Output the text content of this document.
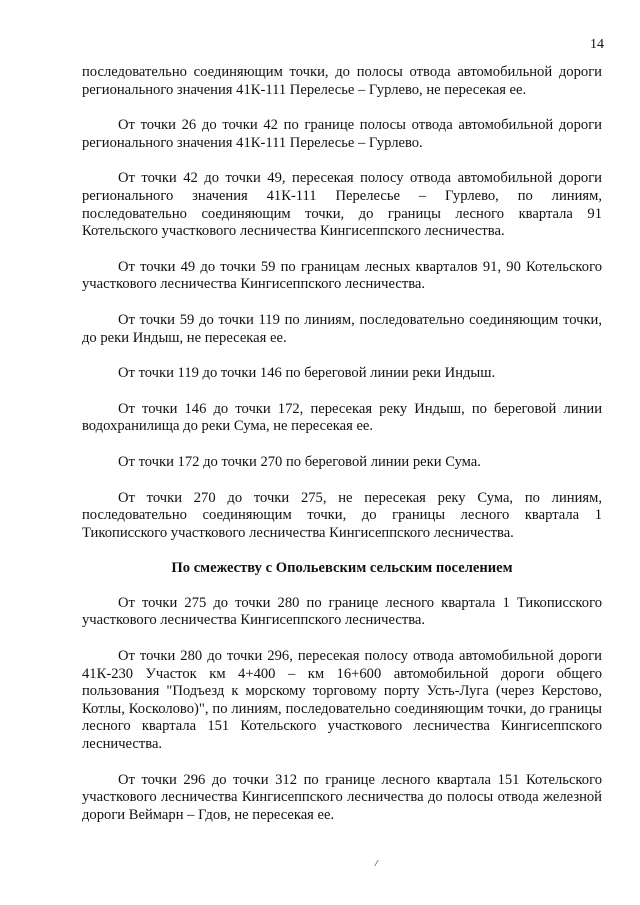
14

последовательно соединяющим точки, до полосы отвода автомобильной дороги регионального значения 41К-111 Перелесье – Гурлево, не пересекая ее.

От точки 26 до точки 42 по границе полосы отвода автомобильной дороги регионального значения 41К-111 Перелесье – Гурлево.

От точки 42 до точки 49, пересекая полосу отвода автомобильной дороги регионального значения 41К-111 Перелесье – Гурлево, по линиям, последовательно соединяющим точки, до границы лесного квартала 91 Котельского участкового лесничества Кингисеппского лесничества.

От точки 49 до точки 59 по границам лесных кварталов 91, 90 Котельского участкового лесничества Кингисеппского лесничества.

От точки 59 до точки 119 по линиям, последовательно соединяющим точки, до реки Индыш, не пересекая ее.

От точки 119 до точки 146 по береговой линии реки Индыш.

От точки 146 до точки 172, пересекая реку Индыш, по береговой линии водохранилища до реки Сума, не пересекая ее.

От точки 172 до точки 270 по береговой линии реки Сума.

От точки 270 до точки 275, не пересекая реку Сума, по линиям, последовательно соединяющим точки, до границы лесного квартала 1 Тикописского участкового лесничества Кингисеппского лесничества.

По смежеству с Опольевским сельским поселением

От точки 275 до точки 280 по границе лесного квартала 1 Тикописского участкового лесничества Кингисеппского лесничества.

От точки 280 до точки 296, пересекая полосу отвода автомобильной дороги 41К-230 Участок км 4+400 – км 16+600 автомобильной дороги общего пользования "Подъезд к морскому торговому порту Усть-Луга (через Керстово, Котлы, Косколово)", по линиям, последовательно соединяющим точки, до границы лесного квартала 151 Котельского участкового лесничества Кингисеппского лесничества.

От точки 296 до точки 312 по границе лесного квартала 151 Котельского участкового лесничества Кингисеппского лесничества до полосы отвода железной дороги Веймарн – Гдов, не пересекая ее.
